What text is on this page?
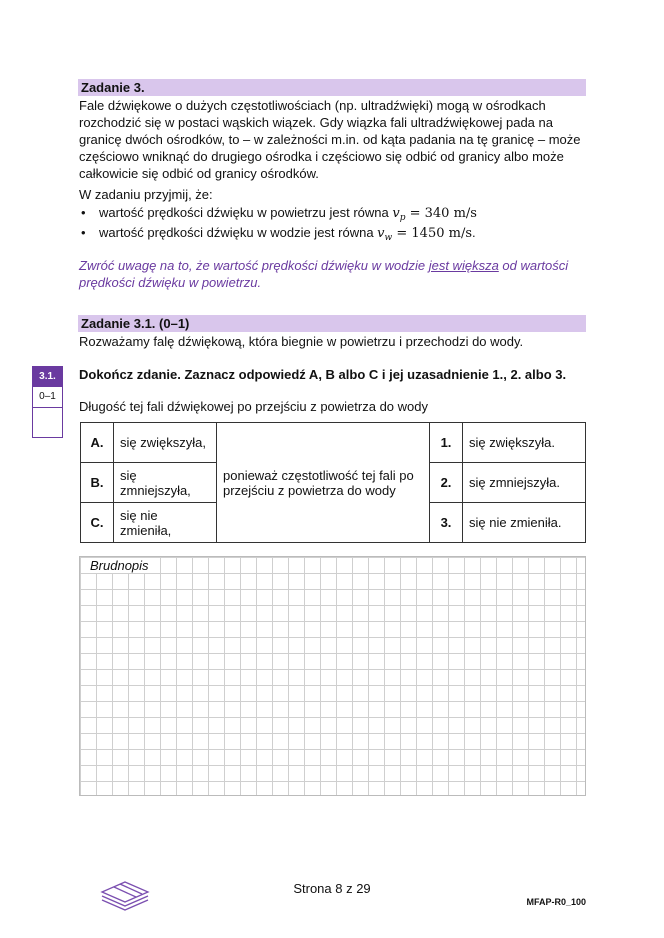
Zadanie 3.
Fale dźwiękowe o dużych częstotliwościach (np. ultradźwięki) mogą w ośrodkach rozchodzić się w postaci wąskich wiązek. Gdy wiązka fali ultradźwiękowej pada na granicę dwóch ośrodków, to – w zależności m.in. od kąta padania na tę granicę – może częściowo wniknąć do drugiego ośrodka i częściowo się odbić od granicy albo może całkowicie się odbić od granicy ośrodków.
W zadaniu przyjmij, że:
• wartość prędkości dźwięku w powietrzu jest równa $v_p = 340$ m/s
• wartość prędkości dźwięku w wodzie jest równa $v_w = 1450$ m/s.
Zwróć uwagę na to, że wartość prędkości dźwięku w wodzie jest większa od wartości prędkości dźwięku w powietrzu.
Zadanie 3.1. (0–1)
Rozważamy falę dźwiękową, która biegnie w powietrzu i przechodzi do wody.
3.1.
0–1
Dokończ zdanie. Zaznacz odpowiedź A, B albo C i jej uzasadnienie 1., 2. albo 3.
Długość tej fali dźwiękowej po przejściu z powietrza do wody
A.	się zwiększyła,	ponieważ częstotliwość tej fali po przejściu z powietrza do wody	1.	się zwiększyła.
B.	się zmniejszyła,		2.	się zmniejszyła.
C.	się nie zmieniła,		3.	się nie zmieniła.
Brudnopis
Strona 8 z 29
MFAP-R0_100
